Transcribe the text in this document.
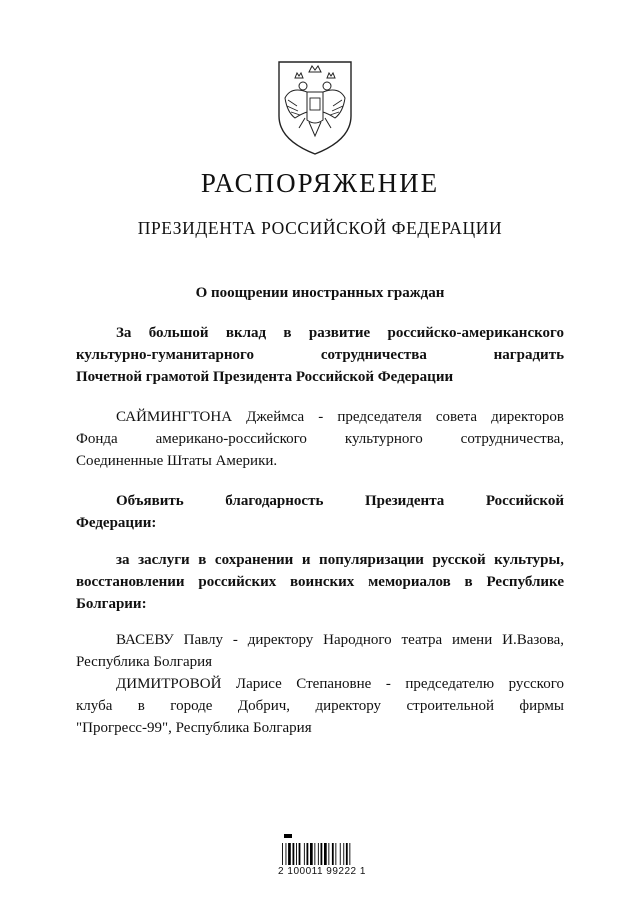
РАСПОРЯЖЕНИЕ
ПРЕЗИДЕНТА РОССИЙСКОЙ ФЕДЕРАЦИИ
О поощрении иностранных граждан
За большой вклад в развитие российско-американского
культурно-гуманитарного сотрудничества наградить
Почетной грамотой Президента Российской Федерации
САЙМИНГТОНА Джеймса - председателя совета директоров
Фонда американо-российского культурного сотрудничества,
Соединенные Штаты Америки.
Объявить благодарность Президента Российской
Федерации:
за заслуги в сохранении и популяризации русской культуры,
восстановлении российских воинских мемориалов в Республике
Болгарии:
ВАСЕВУ Павлу - директору Народного театра имени И.Вазова,
Республика Болгария
ДИМИТРОВОЙ Ларисе Степановне - председателю русского
клуба в городе Добрич, директору строительной фирмы
"Прогресс-99", Республика Болгария
2 100011 99222 1
